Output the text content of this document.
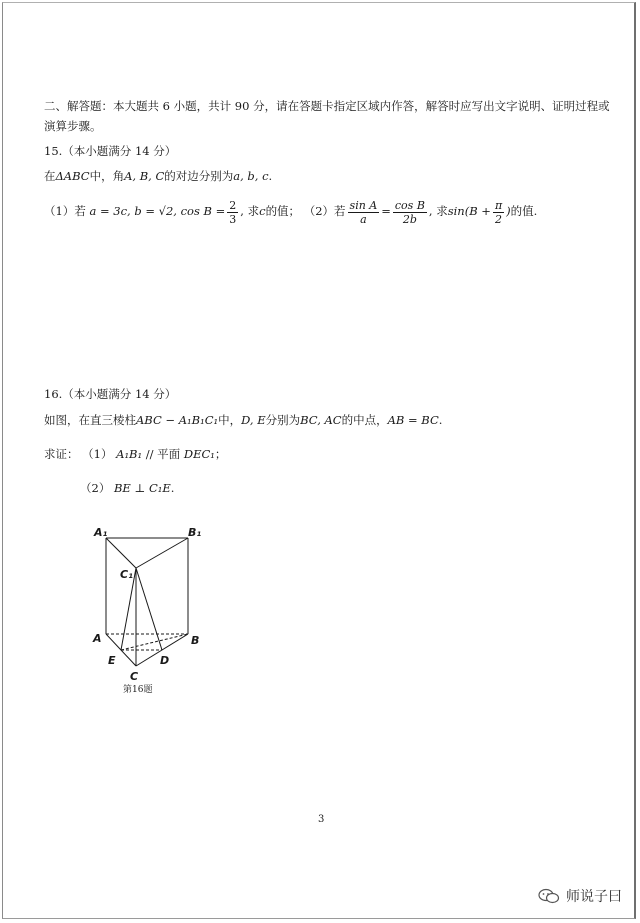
二、解答题：本大题共 6 小题，共计 90 分，请在答题卡指定区域内作答，解答时应写出文字说明、证明过程或演算步骤。
15.（本小题满分 14 分）
在ΔABC中，角A, B, C的对边分别为a, b, c.
（1）若 a = 3c, b = √2, $\cos B = \frac{2}{3}$ , 求c的值； （2）若 $\frac{\text{sin A}}{a} = \frac{\text{cos B}}{2b}$ , 求$\sin(B + \frac{\pi}{2}$ )的值.
16.（本小题满分 14 分）
如图，在直三棱柱ABC − A₁B₁C₁中，D, E分别为BC, AC的中点，AB = BC.
求证： （1） A₁B₁ // 平面 DEC₁；
（2） BE ⊥ C₁E.
A₁	B₁
C₁
A	B
E	D
C
第16题
3
师说子曰
